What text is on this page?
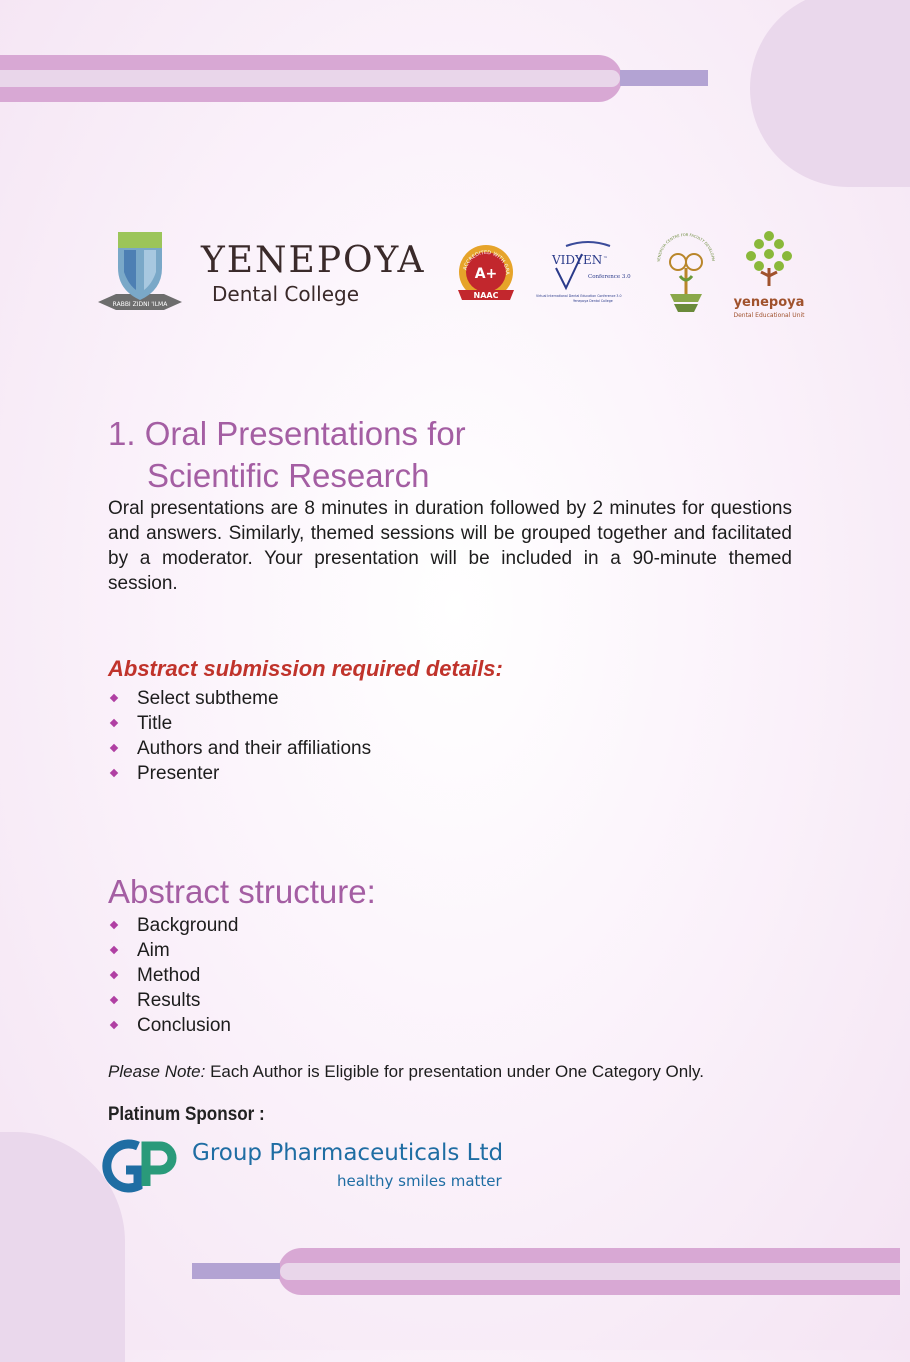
RABBI ZIDNI 'ILMA
YENEPOYA
Dental College
ACCREDITED WITH GRA
A+
NAAC
VIDYEN ™
Conference 3.0
Virtual International Dental Education Conference 3.0
Yenepoya Dental College
YENEPOYA CENTRE FOR FACULTY DEVELOPM
yenepoya
Dental Educational Unit
1. Oral Presentations for
Scientific Research
Oral presentations are 8 minutes in duration followed by 2 minutes for questions and answers. Similarly, themed sessions will be grouped together and facilitated by a moderator. Your presentation will be included in a 90-minute themed session.
Abstract submission required details:
Select subtheme
Title
Authors and their affiliations
Presenter
Abstract structure:
Background
Aim
Method
Results
Conclusion
Please Note: Each Author is Eligible for presentation under One Category Only.
Platinum Sponsor :
Group Pharmaceuticals Ltd
healthy smiles matter
